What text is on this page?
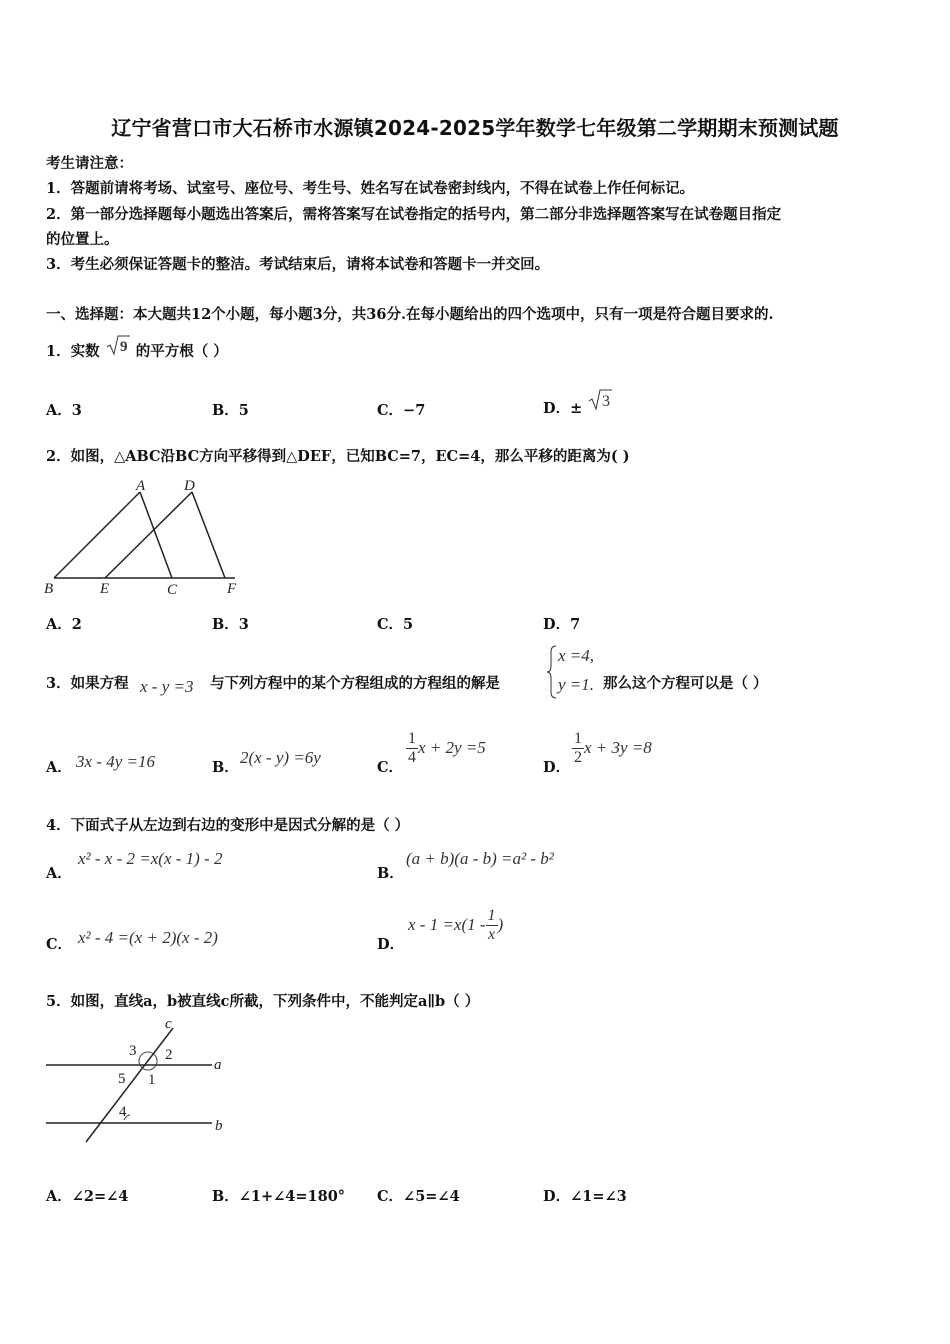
辽宁省营口市大石桥市水源镇2024-2025学年数学七年级第二学期期末预测试题
考生请注意：
1．答题前请将考场、试室号、座位号、考生号、姓名写在试卷密封线内，不得在试卷上作任何标记。
2．第一部分选择题每小题选出答案后，需将答案写在试卷指定的括号内，第二部分非选择题答案写在试卷题目指定
的位置上。
3．考生必须保证答题卡的整洁。考试结束后，请将本试卷和答题卡一并交回。
一、选择题：本大题共12个小题，每小题3分，共36分.在每小题给出的四个选项中，只有一项是符合题目要求的.
1．实数 9 的平方根（ ）
A．3	B．5	C．−7	D．± 3
2．如图，△ABC沿BC方向平移得到△DEF，已知BC=7，EC=4，那么平移的距离为( )
A	D
B	E	C	F
A．2	B．3	C．5	D．7
3．如果方程 x - y =3 与下列方程中的某个方程组成的方程组的解是
x =4,
y =1. 那么这个方程可以是（ ）
A． 3x - 4y =16	B．
2(x - y) =6y
C．
$\frac{1}{4}$ x + 2y =5
D．
$\frac{1}{2}$ x + 3y =8
4．下面式子从左边到右边的变形中是因式分解的是（ ）
A．
x² - x - 2 =x(x - 1) - 2
B．
(a + b)(a - b) =a² - b²
C． x² - 4 =(x + 2)(x - 2)	D．
$x - 1 =x(1 - \frac{1}{x}$ )
5．如图，直线a，b被直线c所截，下列条件中，不能判定a∥b（ ）
c
3 2
a
5 1
4
b
A．∠2=∠4	B．∠1+∠4=180° C．∠5=∠4	D．∠1=∠3
